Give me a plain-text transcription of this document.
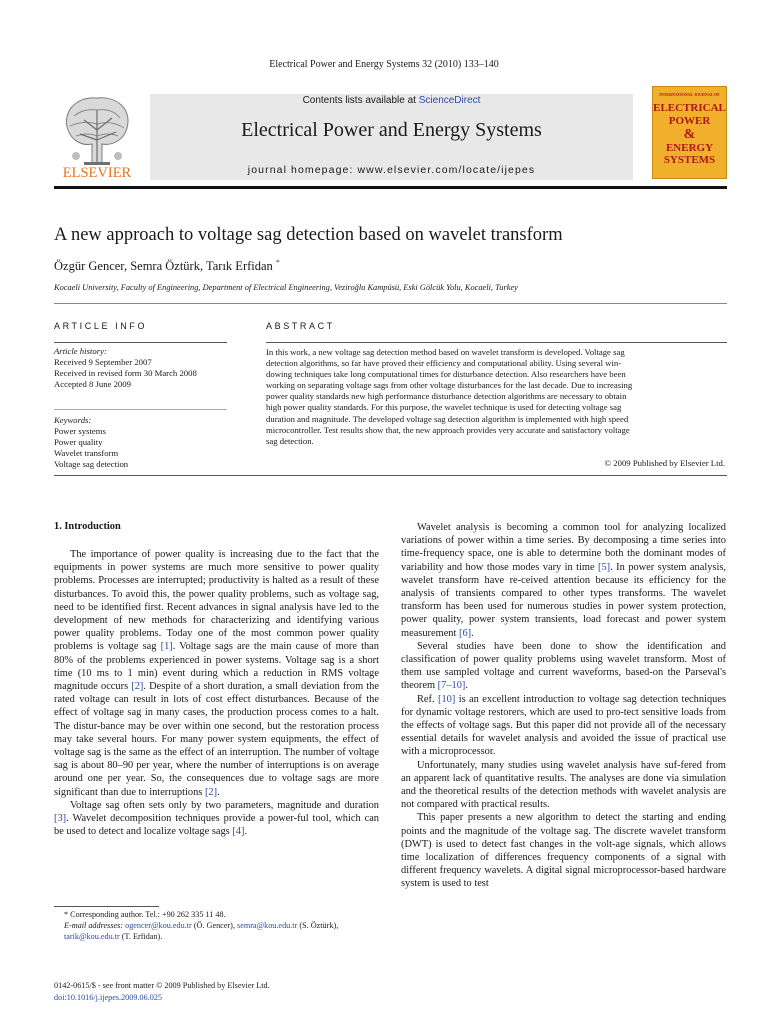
Electrical Power and Energy Systems 32 (2010) 133–140
ELSEVIER
Contents lists available at ScienceDirect
Electrical Power and Energy Systems
journal homepage: www.elsevier.com/locate/ijepes
INTERNATIONAL JOURNAL OF
ELECTRICAL
POWER
&
ENERGY
SYSTEMS
A new approach to voltage sag detection based on wavelet transform
Özgür Gencer, Semra Öztürk, Tarık Erfidan *
Kocaeli University, Faculty of Engineering, Department of Electrical Engineering, Veziroğlu Kampüsü, Eski Gölcük Yolu, Kocaeli, Turkey
ARTICLE INFO	ABSTRACT
Article history:
Received 9 September 2007
Received in revised form 30 March 2008
Accepted 8 June 2009
Keywords:
Power systems
Power quality
Wavelet transform
Voltage sag detection
In this work, a new voltage sag detection method based on wavelet transform is developed. Voltage sag
detection algorithms, so far have proved their efficiency and computational ability. Using several win-
dowing techniques take long computational times for disturbance detection. Also researchers have been
working on separating voltage sags from other voltage disturbances for the last decade. Due to increasing
power quality standards new high performance disturbance detection algorithms are necessary to obtain
high power quality standards. For this purpose, the wavelet technique is used for detecting voltage sag
duration and magnitude. The developed voltage sag detection algorithm is implemented with high speed
microcontroller. Test results show that, the new approach provides very accurate and satisfactory voltage
sag detection.
© 2009 Published by Elsevier Ltd.
1. Introduction

The importance of power quality is increasing due to the fact that the equipments in power systems are much more sensitive to power quality problems. Processes are interrupted; productivity is halted as a result of these disturbances. To avoid this, the power quality problems, such as voltage sag, need to be identified first. Recent advances in signal analysis have led to the development of new methods for characterizing and identifying various power quality problems. Today one of the most common power quality problems is voltage sag [1]. Voltage sags are the main cause of more than 80% of the problems experienced in power systems. Voltage sag is a short time (10 ms to 1 min) event during which a reduction in RMS voltage magnitude occurs [2]. Despite of a short duration, a small deviation from the rated voltage can result in lots of cost effect disturbances. Because of the effect of voltage sag in many cases, the production process comes to a halt. The distur-bance may be over within one second, but the restoration process may take several hours. For many power system equipments, the effect of voltage sag is the same as the effect of an interruption. The number of voltage sag is about 80–90 per year, where the number of interruptions is on average around one per year. So, the consequences due to voltage sags are more significant than due to interruptions [2].

Voltage sag often sets only by two parameters, magnitude and duration [3]. Wavelet decomposition techniques provide a power-ful tool, which can be used to detect and localize voltage sags [4].

Wavelet analysis is becoming a common tool for analyzing localized variations of power within a time series. By decomposing a time series into time-frequency space, one is able to determine both the dominant modes of variability and how those modes vary in time [5]. In power system analysis, wavelet transform have re-ceived attention because its efficiency for the analysis of transients compared to other types transforms. The wavelet transform has been used for numerous studies in power system protection, power quality, power system transients, load forecast and power system measurement [6].

Several studies have been done to show the identification and classification of power quality problems using wavelet transform. Most of them use sampled voltage and current waveforms, based-on the Parseval's theorem [7–10].

Ref. [10] is an excellent introduction to voltage sag detection techniques for dynamic voltage restorers, which are used to pro-tect sensitive loads from the effects of voltage sags. But this paper did not provide all of the necessary essential details for wavelet analysis and avoided the issue of practical use with a microprocessor.

Unfortunately, many studies using wavelet analysis have suf-fered from an apparent lack of quantitative results. The analyses are done via simulation and the theoretical results of the detection methods with wavelet analysis are not compared with practical results.

This paper presents a new algorithm to detect the starting and ending points and the magnitude of the voltage sag. The discrete wavelet transform (DWT) is used to detect fast changes in the volt-age signals, which allows time localization of differences frequency components of a signal with different frequency wavelets. A digital signal microprocessor-based hardware system is used to test

* Corresponding author. Tel.: +90 262 335 11 48.
E-mail addresses: ogencer@kou.edu.tr (Ö. Gencer), semra@kou.edu.tr (S. Öztürk),
tarik@kou.edu.tr (T. Erfidan).
0142-0615/$ - see front matter © 2009 Published by Elsevier Ltd.
doi:10.1016/j.ijepes.2009.06.025
